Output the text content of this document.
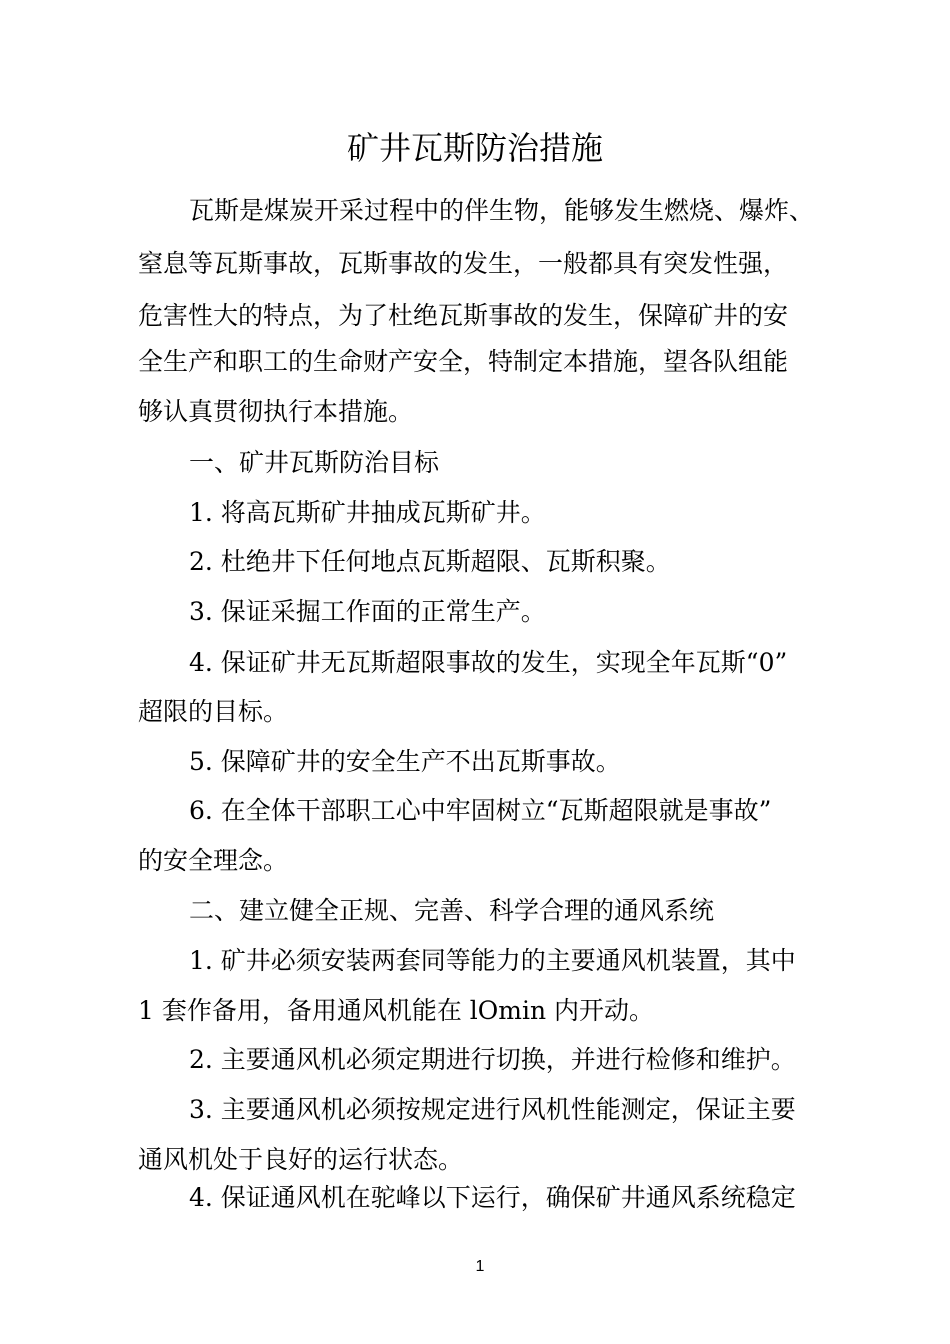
矿井瓦斯防治措施
瓦斯是煤炭开采过程中的伴生物，能够发生燃烧、爆炸、
窒息等瓦斯事故，瓦斯事故的发生，一般都具有突发性强，
危害性大的特点，为了杜绝瓦斯事故的发生，保障矿井的安
全生产和职工的生命财产安全，特制定本措施，望各队组能
够认真贯彻执行本措施。
一、矿井瓦斯防治目标
1. 将高瓦斯矿井抽成瓦斯矿井。
2. 杜绝井下任何地点瓦斯超限、瓦斯积聚。
3. 保证采掘工作面的正常生产。
4. 保证矿井无瓦斯超限事故的发生，实现全年瓦斯“0”
超限的目标。
5. 保障矿井的安全生产不出瓦斯事故。
6. 在全体干部职工心中牢固树立“瓦斯超限就是事故”
的安全理念。
二、建立健全正规、完善、科学合理的通风系统
1. 矿井必须安装两套同等能力的主要通风机装置，其中
1 套作备用，备用通风机能在 lOmin 内开动。
2. 主要通风机必须定期进行切换，并进行检修和维护。
3. 主要通风机必须按规定进行风机性能测定，保证主要
通风机处于良好的运行状态。
4. 保证通风机在驼峰以下运行，确保矿井通风系统稳定
1
